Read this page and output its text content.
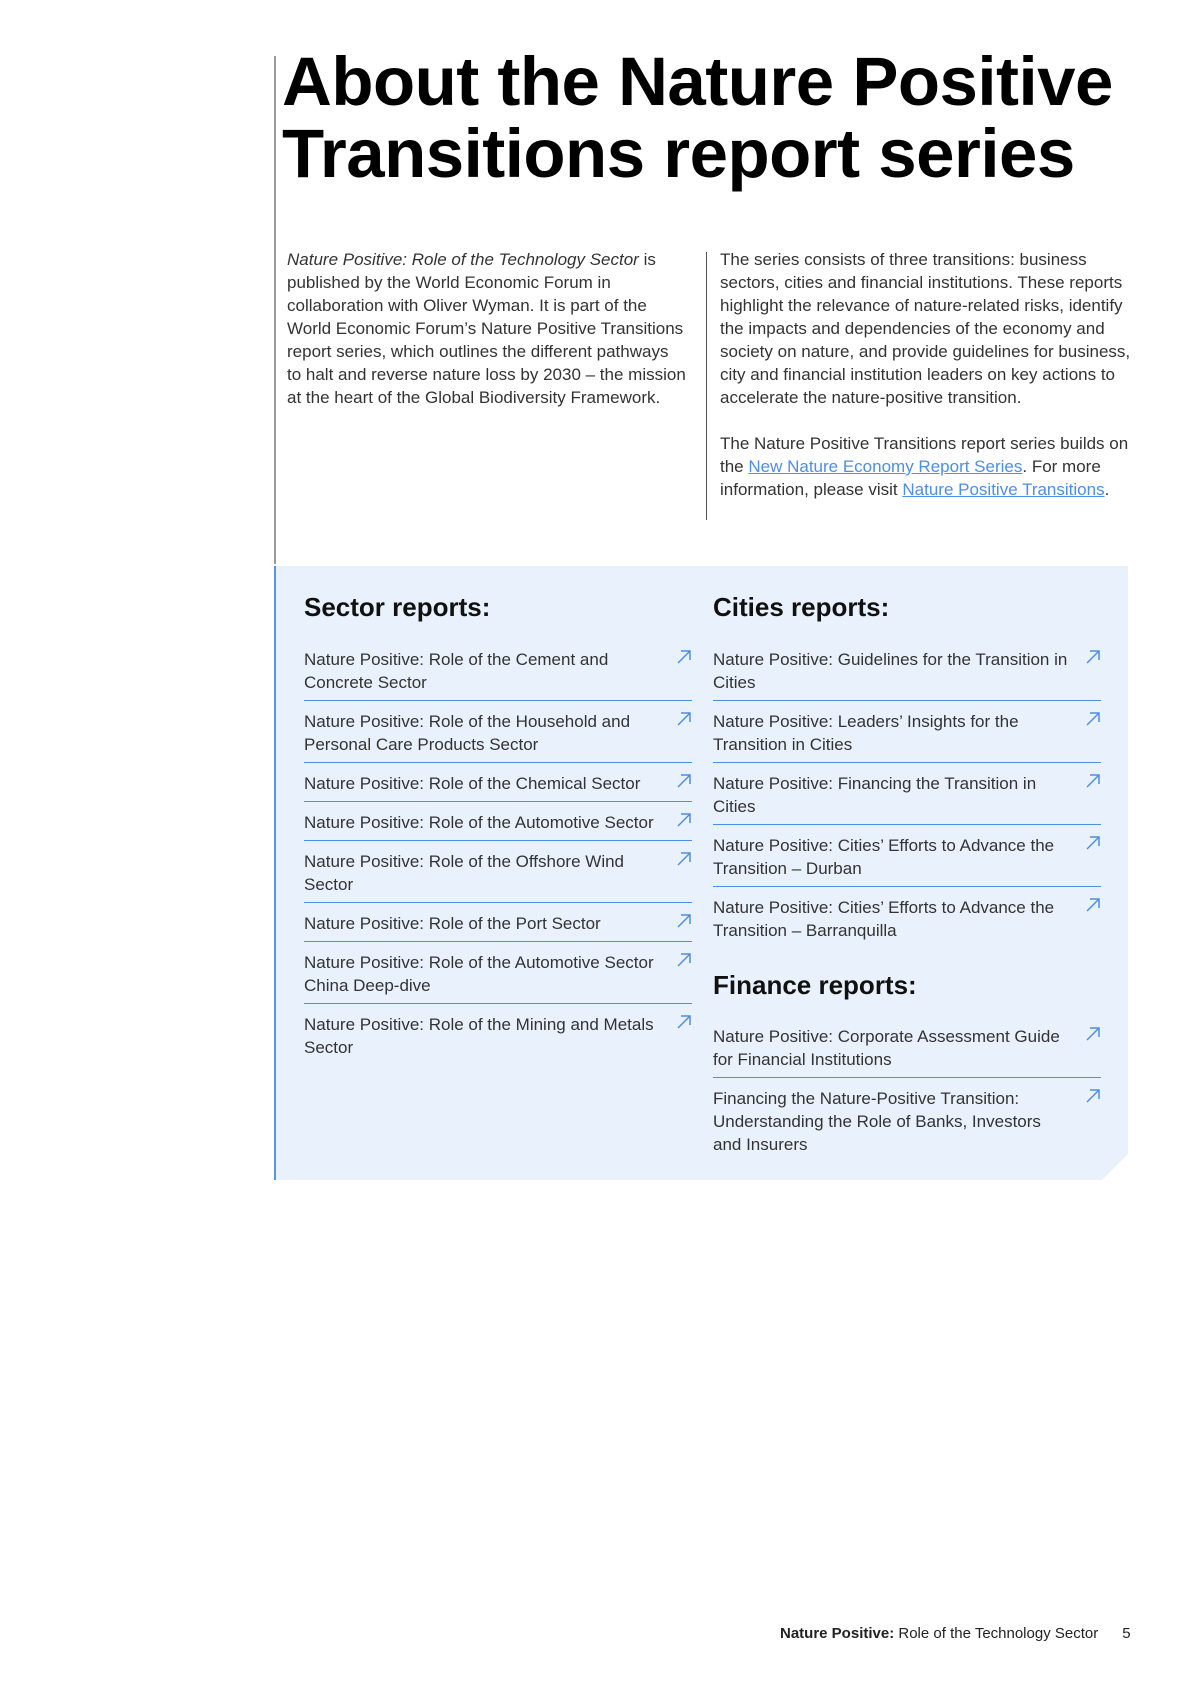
About the Nature Positive Transitions report series
Nature Positive: Role of the Technology Sector is published by the World Economic Forum in collaboration with Oliver Wyman. It is part of the World Economic Forum’s Nature Positive Transitions report series, which outlines the different pathways to halt and reverse nature loss by 2030 – the mission at the heart of the Global Biodiversity Framework.

The series consists of three transitions: business sectors, cities and financial institutions. These reports highlight the relevance of nature-related risks, identify the impacts and dependencies of the economy and society on nature, and provide guidelines for business, city and financial institution leaders on key actions to accelerate the nature-positive transition.

The Nature Positive Transitions report series builds on the New Nature Economy Report Series. For more information, please visit Nature Positive Transitions.

Sector reports:
Nature Positive: Role of the Cement and Concrete Sector
Nature Positive: Role of the Household and Personal Care Products Sector
Nature Positive: Role of the Chemical Sector
Nature Positive: Role of the Automotive Sector
Nature Positive: Role of the Offshore Wind Sector
Nature Positive: Role of the Port Sector
Nature Positive: Role of the Automotive Sector China Deep-dive
Nature Positive: Role of the Mining and Metals Sector
Cities reports:
Nature Positive: Guidelines for the Transition in Cities
Nature Positive: Leaders’ Insights for the Transition in Cities
Nature Positive: Financing the Transition in Cities
Nature Positive: Cities’ Efforts to Advance the Transition – Durban
Nature Positive: Cities’ Efforts to Advance the Transition – Barranquilla
Finance reports:
Nature Positive: Corporate Assessment Guide for Financial Institutions
Financing the Nature-Positive Transition: Understanding the Role of Banks, Investors and Insurers
Nature Positive: Role of the Technology Sector 5
